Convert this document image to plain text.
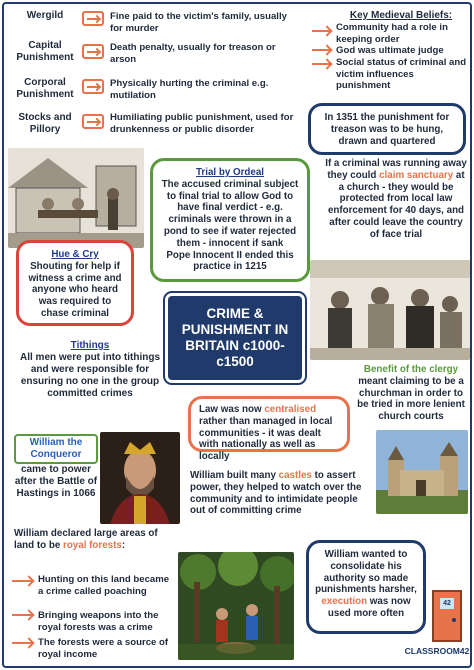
Wergild	Fine paid to the victim's family, usually for murder
Capital Punishment
Death penalty, usually for treason or arson
Corporal Punishment
Physically hurting the criminal e.g. mutilation
Stocks and Pillory
Humiliating public punishment, used for drunkenness or public disorder
Key Medieval Beliefs:
Community had a role in keeping order
God was ultimate judge
Social status of criminal and victim influences punishment
In 1351 the punishment for treason was to be hung, drawn and quartered
Trial by Ordeal
The accused criminal subject to final trial to allow God to have final verdict - e.g. criminals were thrown in a pond to see if water rejected them - innocent if sank
Pope Innocent II ended this practice in 1215
If a criminal was running away they could claim sanctuary at a church - they would be protected from local law enforcement for 40 days, and after could leave the country of face trial
Hue & Cry
Shouting for help if witness a crime and anyone who heard was required to chase criminal	CRIME & PUNISHMENT IN BRITAIN c1000-c1500
Tithings
All men were put into tithings and were responsible for ensuring no one in the group committed crimes
Benefit of the clergy
meant claiming to be a churchman in order to be tried in more lenient church courts
Law was now centralised rather than managed in local communities - it was dealt with nationally as well as locally
William the Conqueror
came to power after the Battle of Hastings in 1066
William built many castles to assert power, they helped to watch over the community and to intimidate people out of committing crime
William declared large areas of land to be royal forests:
Hunting on this land became a crime called poaching
Bringing weapons into the royal forests was a crime
The forests were a source of royal income
William wanted to consolidate his authority so made punishments harsher, execution was now used more often
42
CLASSROOM42
